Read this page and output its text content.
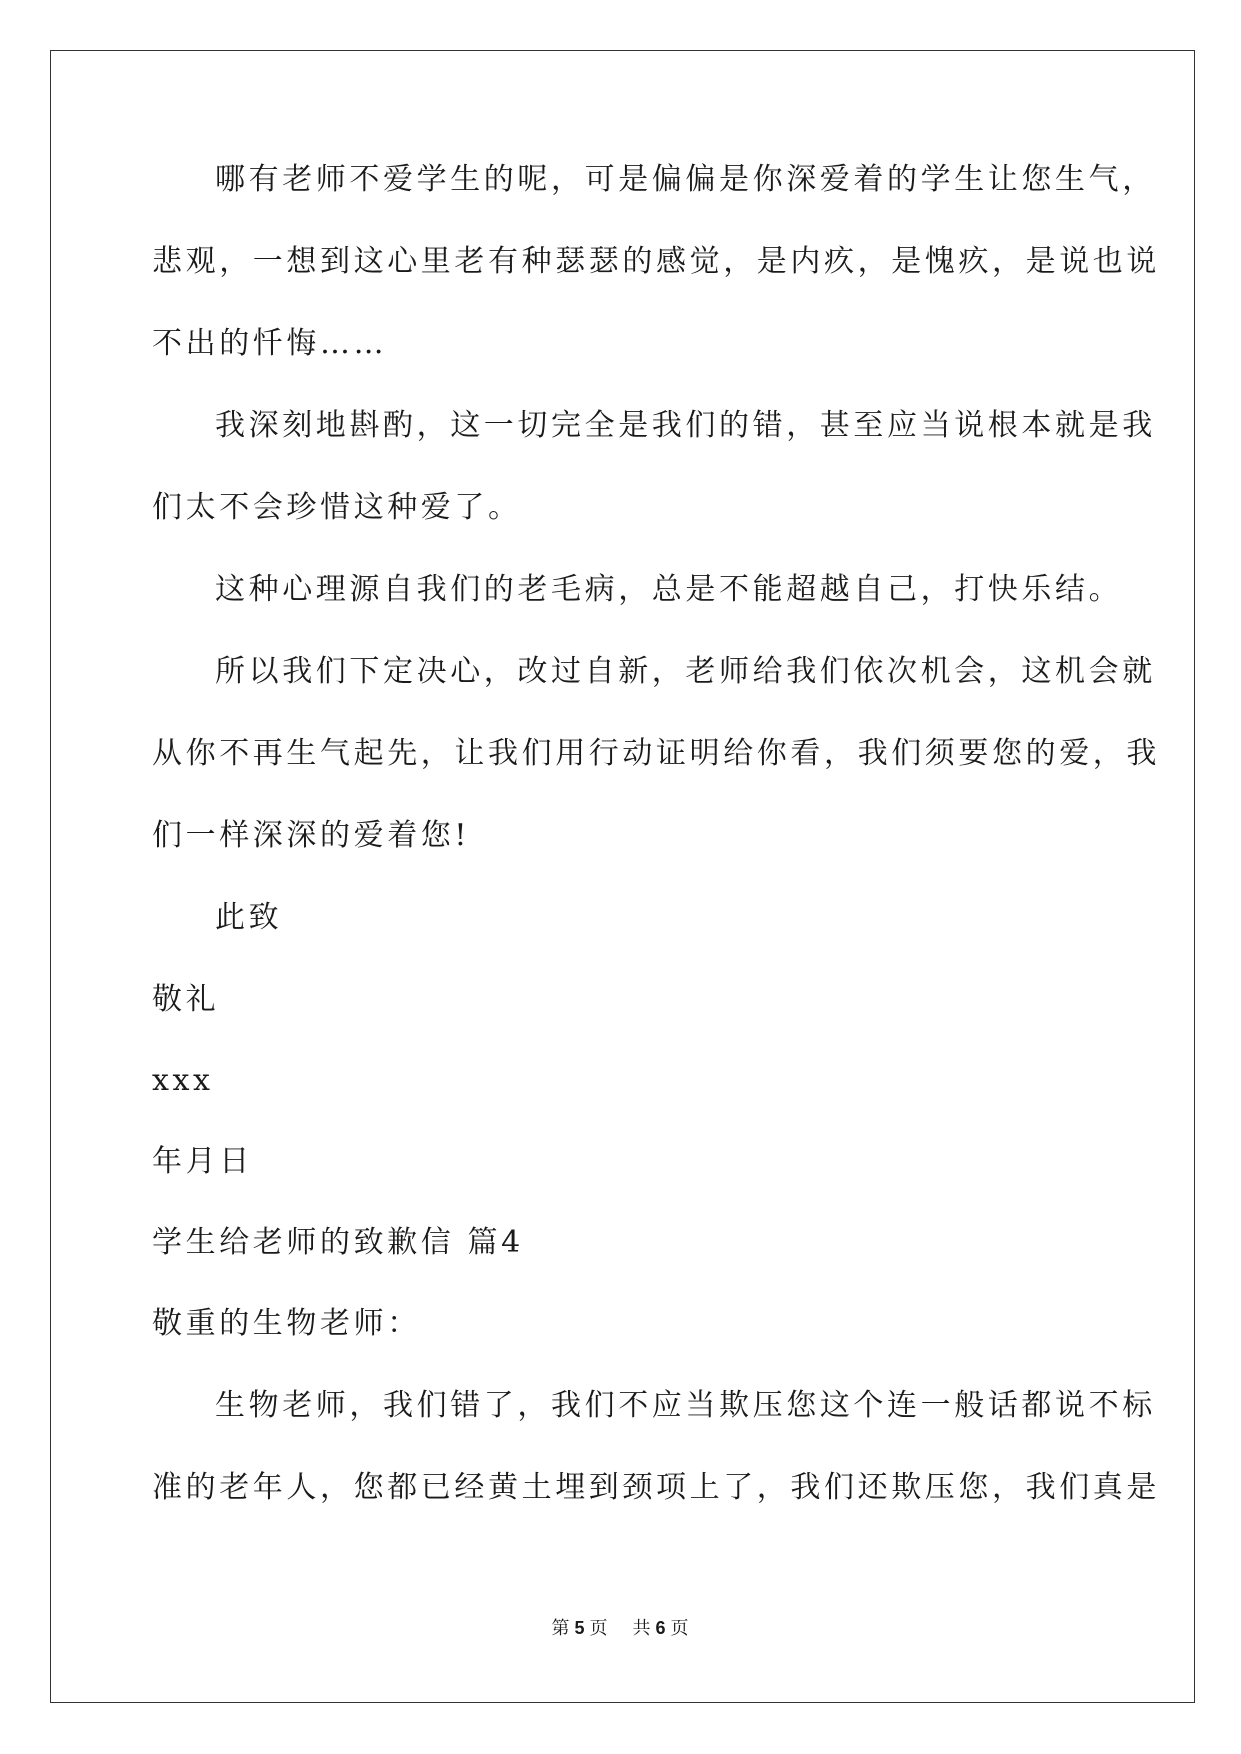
哪有老师不爱学生的呢，可是偏偏是你深爱着的学生让您生气，
悲观，一想到这心里老有种瑟瑟的感觉，是内疚，是愧疚，是说也说
不出的忏悔……
我深刻地斟酌，这一切完全是我们的错，甚至应当说根本就是我
们太不会珍惜这种爱了。
这种心理源自我们的老毛病，总是不能超越自己，打快乐结。
所以我们下定决心，改过自新，老师给我们依次机会，这机会就
从你不再生气起先，让我们用行动证明给你看，我们须要您的爱，我
们一样深深的爱着您!
此致
敬礼
xxx
年月日
学生给老师的致歉信 篇4
敬重的生物老师：
生物老师，我们错了，我们不应当欺压您这个连一般话都说不标
准的老年人，您都已经黄土埋到颈项上了，我们还欺压您，我们真是
第 5 页 共 6 页
